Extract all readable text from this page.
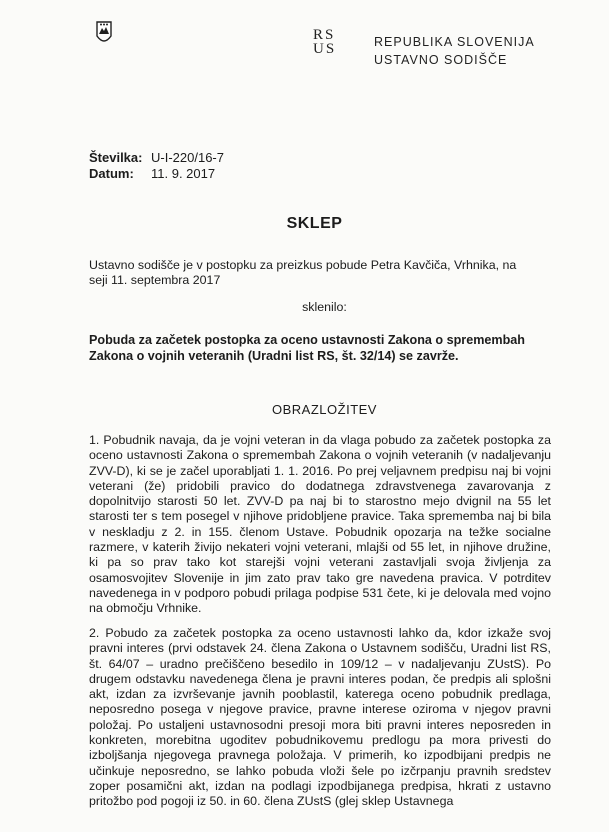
RS
US	REPUBLIKA SLOVENIJA
USTAVNO SODIŠČE
Številka: U-I-220/16-7
Datum:	11. 9. 2017
SKLEP
Ustavno sodišče je v postopku za preizkus pobude Petra Kavčiča, Vrhnika, na seji 11. septembra 2017
sklenilo:
Pobuda za začetek postopka za oceno ustavnosti Zakona o spremembah Zakona o vojnih veteranih (Uradni list RS, št. 32/14) se zavrže.
OBRAZLOŽITEV
1. Pobudnik navaja, da je vojni veteran in da vlaga pobudo za začetek postopka za oceno ustavnosti Zakona o spremembah Zakona o vojnih veteranih (v nadaljevanju ZVV-D), ki se je začel uporabljati 1. 1. 2016. Po prej veljavnem predpisu naj bi vojni veterani (že) pridobili pravico do dodatnega zdravstvenega zavarovanja z dopolnitvijo starosti 50 let. ZVV-D pa naj bi to starostno mejo dvignil na 55 let starosti ter s tem posegel v njihove pridobljene pravice. Taka sprememba naj bi bila v neskladju z 2. in 155. členom Ustave. Pobudnik opozarja na težke socialne razmere, v katerih živijo nekateri vojni veterani, mlajši od 55 let, in njihove družine, ki pa so prav tako kot starejši vojni veterani zastavljali svoja življenja za osamosvojitev Slovenije in jim zato prav tako gre navedena pravica. V potrditev navedenega in v podporo pobudi prilaga podpise 531 čete, ki je delovala med vojno na območju Vrhnike.
2. Pobudo za začetek postopka za oceno ustavnosti lahko da, kdor izkaže svoj pravni interes (prvi odstavek 24. člena Zakona o Ustavnem sodišču, Uradni list RS, št. 64/07 – uradno prečiščeno besedilo in 109/12 – v nadaljevanju ZUstS). Po drugem odstavku navedenega člena je pravni interes podan, če predpis ali splošni akt, izdan za izvrševanje javnih pooblastil, katerega oceno pobudnik predlaga, neposredno posega v njegove pravice, pravne interese oziroma v njegov pravni položaj. Po ustaljeni ustavnosodni presoji mora biti pravni interes neposreden in konkreten, morebitna ugoditev pobudnikovemu predlogu pa mora privesti do izboljšanja njegovega pravnega položaja. V primerih, ko izpodbijani predpis ne učinkuje neposredno, se lahko pobuda vloži šele po izčrpanju pravnih sredstev zoper posamični akt, izdan na podlagi izpodbijanega predpisa, hkrati z ustavno pritožbo pod pogoji iz 50. in 60. člena ZUstS (glej sklep Ustavnega
